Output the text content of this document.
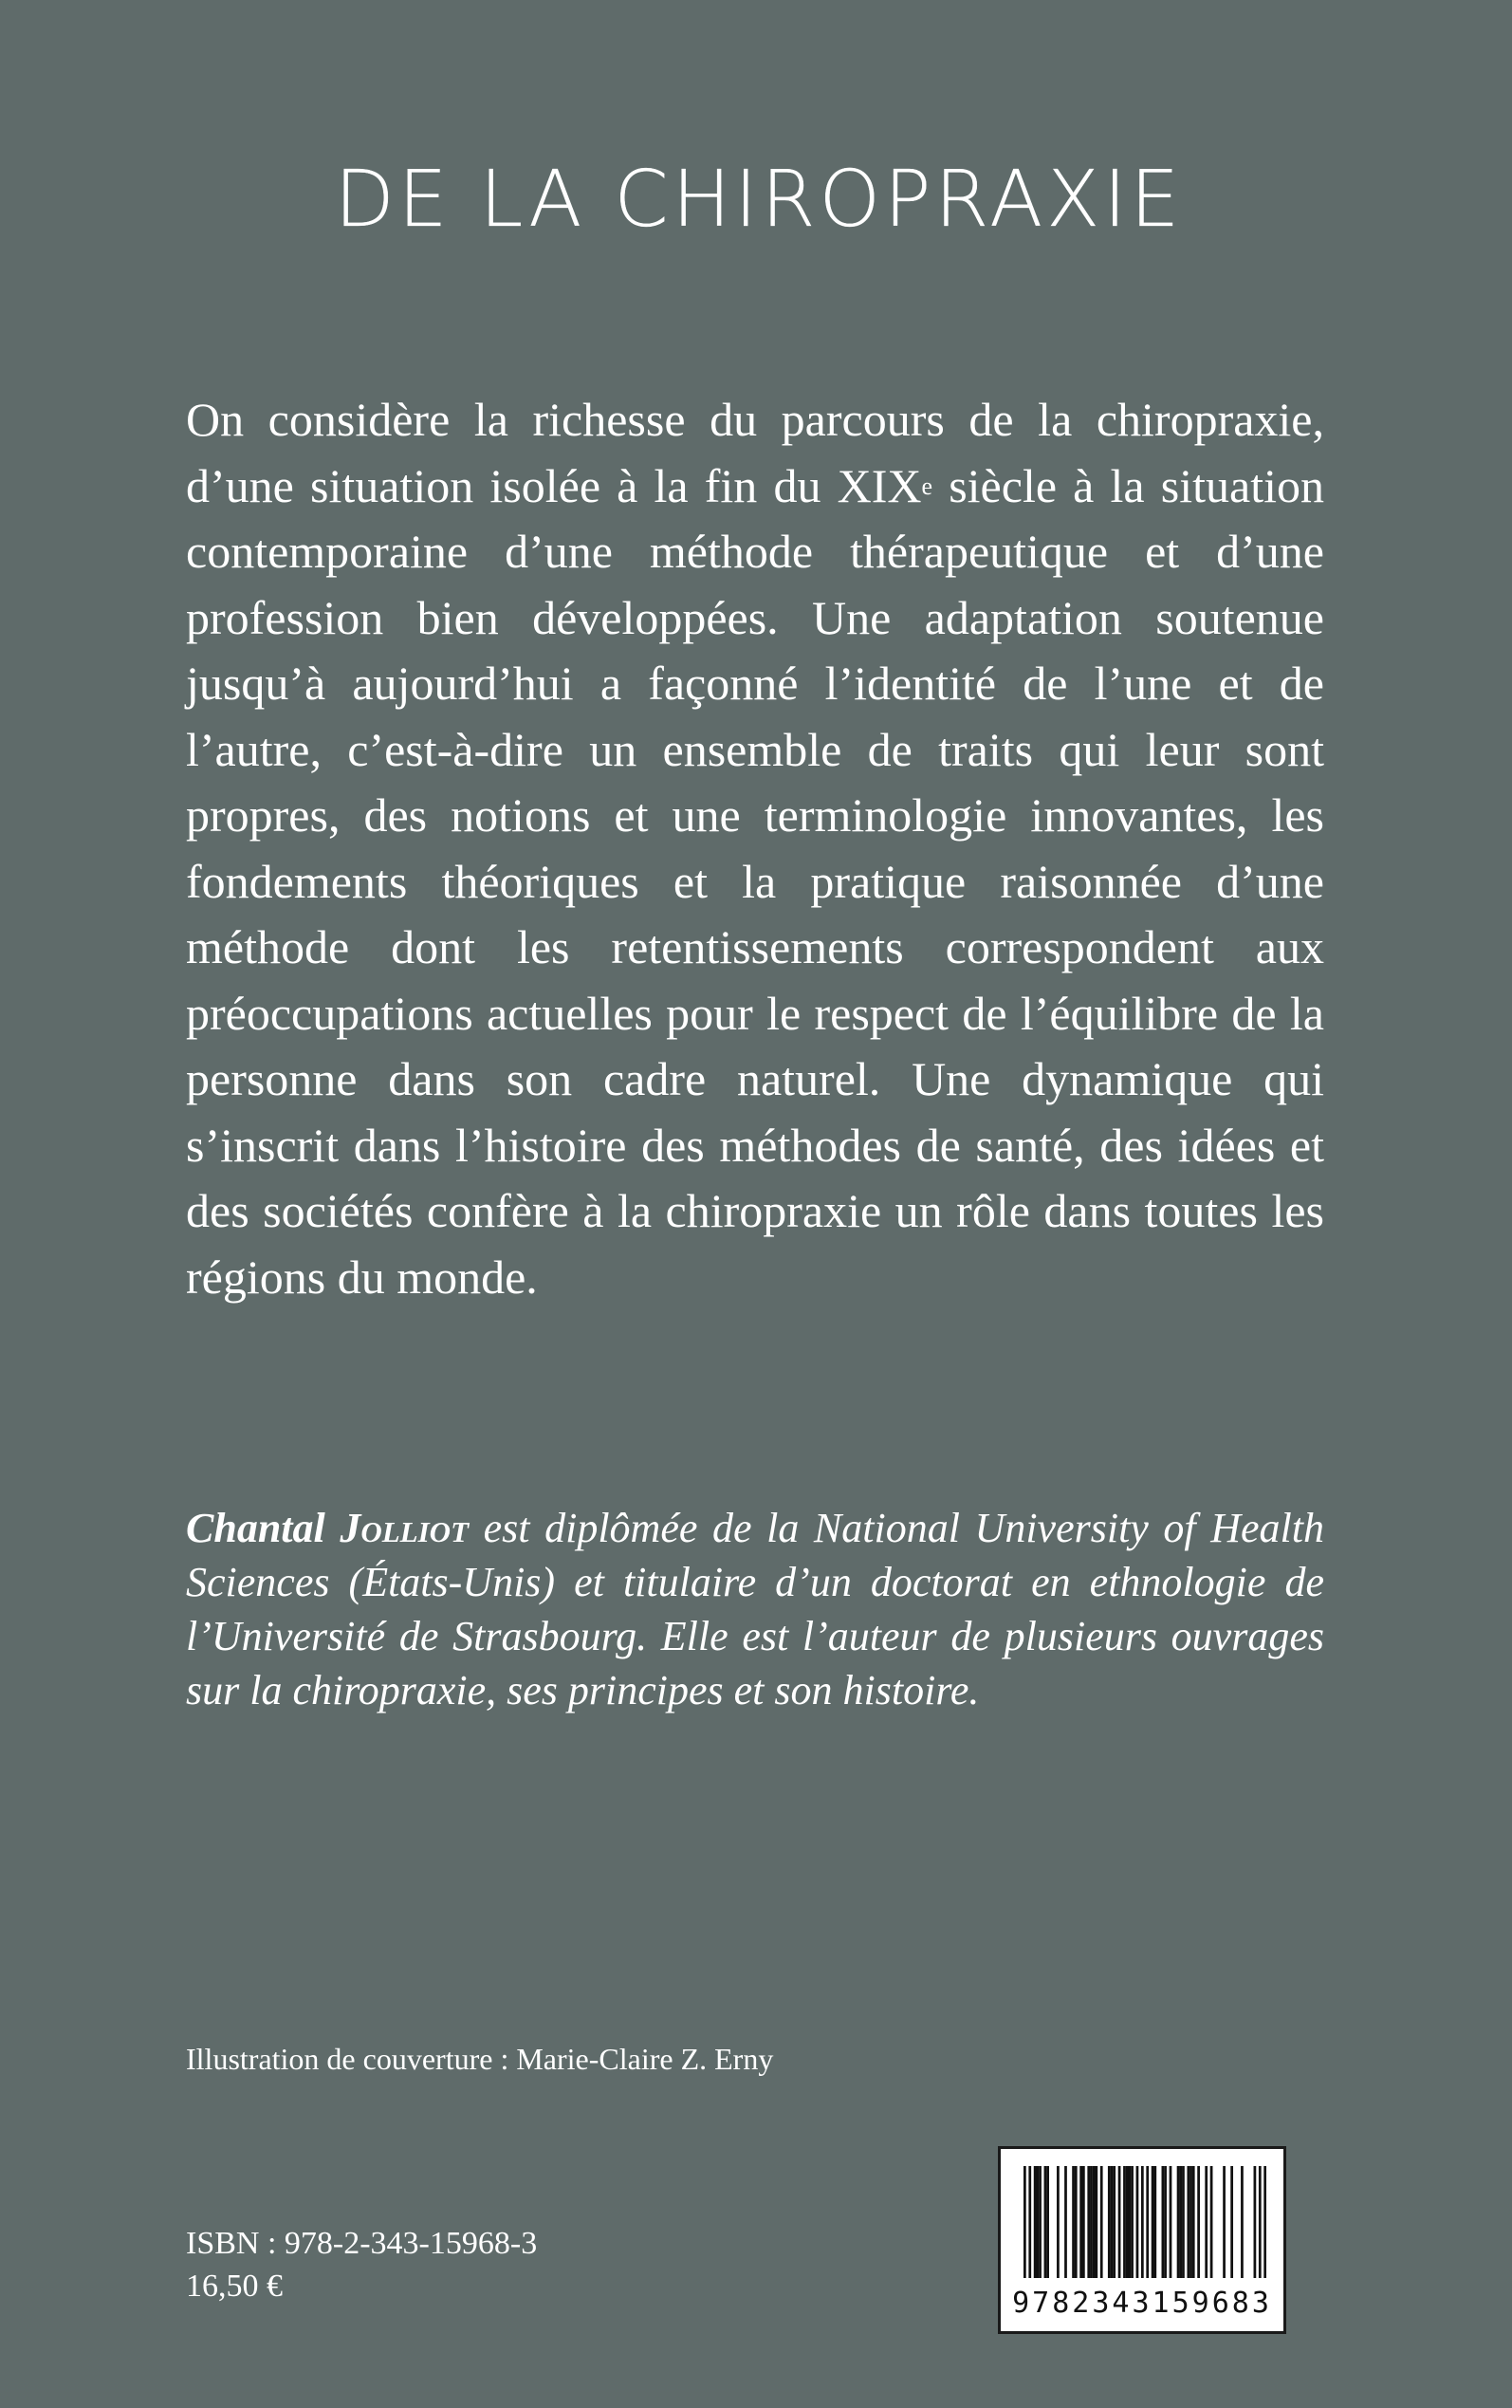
DE LA CHIROPRAXIE

On considère la richesse du parcours de la chiropraxie, d’une situation isolée à la fin du XIXe siècle à la situation contemporaine d’une méthode thérapeutique et d’une profession bien développées. Une adaptation soutenue jusqu’à aujourd’hui a façonné l’identité de l’une et de l’autre, c’est-à-dire un ensemble de traits qui leur sont propres, des notions et une terminologie innovantes, les fondements théoriques et la pratique raisonnée d’une méthode dont les retentissements correspondent aux préoccupations actuelles pour le respect de l’équilibre de la personne dans son cadre naturel. Une dynamique qui s’inscrit dans l’histoire des méthodes de santé, des idées et des sociétés confère à la chiropraxie un rôle dans toutes les régions du monde.

Chantal Jolliot est diplômée de la National University of Health Sciences (États-Unis) et titulaire d’un doctorat en ethnologie de l’Université de Strasbourg. Elle est l’auteur de plusieurs ouvrages sur la chiropraxie, ses principes et son histoire.

Illustration de couverture : Marie-Claire Z. Erny
ISBN : 978-2-343-15968-3
16,50 €	9782343159683
